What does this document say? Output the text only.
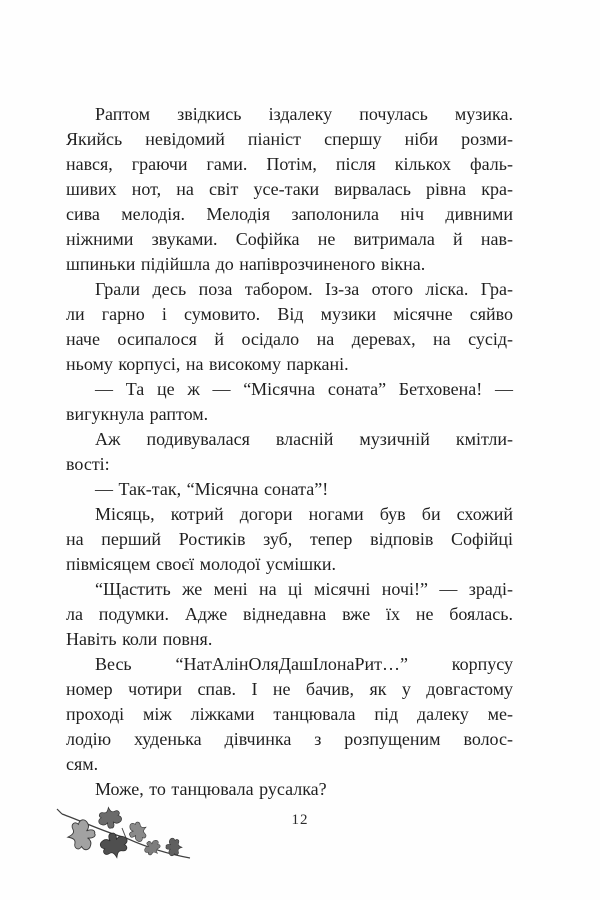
Раптом звідкись іздалеку почулась музика.
Якийсь невідомий піаніст спершу ніби розми-
нався, граючи гами. Потім, після кількох фаль-
шивих нот, на світ усе-таки вирвалась рівна кра-
сива мелодія. Мелодія заполонила ніч дивними
ніжними звуками. Софійка не витримала й нав-
шпиньки підійшла до напіврозчиненого вікна.
Грали десь поза табором. Із-за отого ліска. Гра-
ли гарно і сумовито. Від музики місячне сяйво
наче осипалося й осідало на деревах, на сусід-
ньому корпусі, на високому паркані.
— Та це ж — “Місячна соната” Бетховена! —
вигукнула раптом.
Аж подивувалася власній музичній кмітли-
вості:
— Так-так, “Місячна соната”!
Місяць, котрий догори ногами був би схожий
на перший Ростиків зуб, тепер відповів Софійці
півмісяцем своєї молодої усмішки.
“Щастить же мені на ці місячні ночі!” — зраді-
ла подумки. Адже віднедавна вже їх не боялась.
Навіть коли повня.
Весь “НатАлінОляДашІлонаРит…” корпусу
номер чотири спав. І не бачив, як у довгастому
проході між ліжками танцювала під далеку ме-
лодію худенька дівчинка з розпущеним волос-
сям.
Може, то танцювала русалка?
12
